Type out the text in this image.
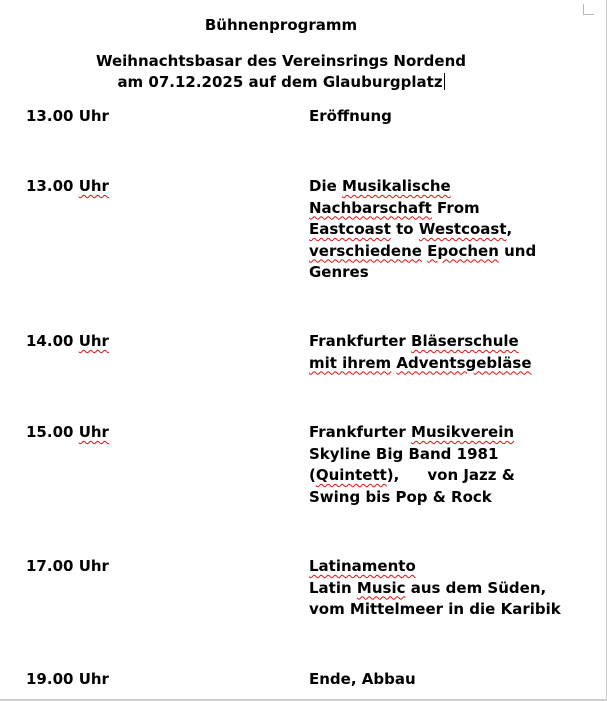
Bühnenprogramm
Weihnachtsbasar des Vereinsrings Nordend
am 07.12.2025 auf dem Glauburgplatz
13.00 Uhr	Eröffnung
13.00 Uhr	Die Musikalische
Nachbarschaft From
Eastcoast to Westcoast,
verschiedene Epochen und
Genres
14.00 Uhr	Frankfurter Bläserschule
mit ihrem Adventsgebläse
15.00 Uhr	Frankfurter Musikverein
Skyline Big Band 1981
(Quintett), von Jazz &
Swing bis Pop & Rock
17.00 Uhr	Latinamento
Latin Music aus dem Süden,
vom Mittelmeer in die Karibik
19.00 Uhr	Ende, Abbau
